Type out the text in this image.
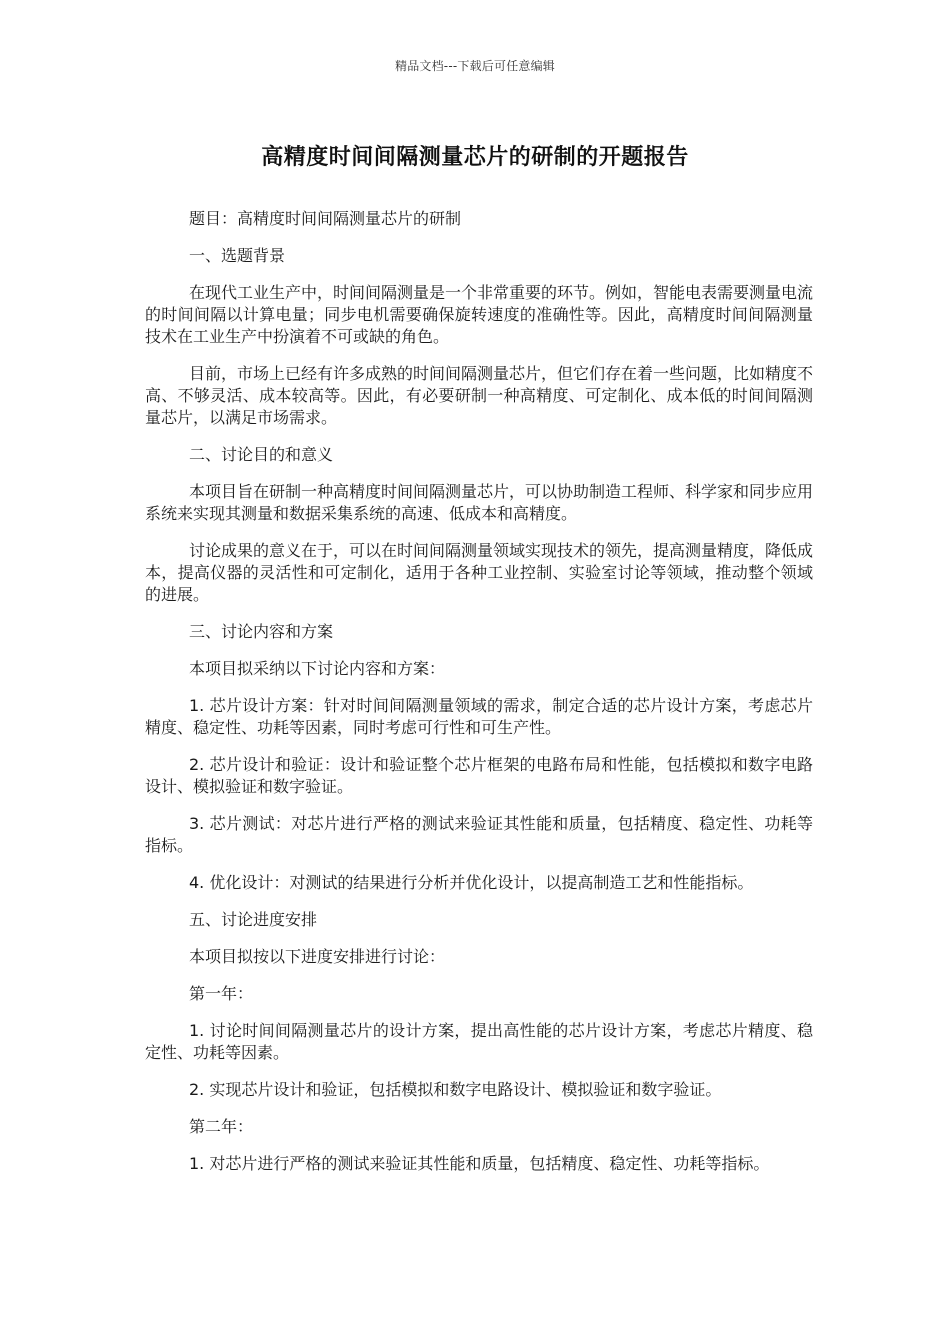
精品文档---下载后可任意编辑
高精度时间间隔测量芯片的研制的开题报告

题目：高精度时间间隔测量芯片的研制

一、选题背景

在现代工业生产中，时间间隔测量是一个非常重要的环节。例如，智能电表需要测量电流的时间间隔以计算电量；同步电机需要确保旋转速度的准确性等。因此，高精度时间间隔测量技术在工业生产中扮演着不可或缺的角色。

目前，市场上已经有许多成熟的时间间隔测量芯片，但它们存在着一些问题，比如精度不高、不够灵活、成本较高等。因此，有必要研制一种高精度、可定制化、成本低的时间间隔测量芯片，以满足市场需求。

二、讨论目的和意义

本项目旨在研制一种高精度时间间隔测量芯片，可以协助制造工程师、科学家和同步应用系统来实现其测量和数据采集系统的高速、低成本和高精度。

讨论成果的意义在于，可以在时间间隔测量领域实现技术的领先，提高测量精度，降低成本，提高仪器的灵活性和可定制化，适用于各种工业控制、实验室讨论等领域，推动整个领域的进展。

三、讨论内容和方案

本项目拟采纳以下讨论内容和方案：

1. 芯片设计方案：针对时间间隔测量领域的需求，制定合适的芯片设计方案，考虑芯片精度、稳定性、功耗等因素，同时考虑可行性和可生产性。

2. 芯片设计和验证：设计和验证整个芯片框架的电路布局和性能，包括模拟和数字电路设计、模拟验证和数字验证。

3. 芯片测试：对芯片进行严格的测试来验证其性能和质量，包括精度、稳定性、功耗等指标。

4. 优化设计：对测试的结果进行分析并优化设计，以提高制造工艺和性能指标。

五、讨论进度安排

本项目拟按以下进度安排进行讨论：

第一年：

1. 讨论时间间隔测量芯片的设计方案，提出高性能的芯片设计方案，考虑芯片精度、稳定性、功耗等因素。

2. 实现芯片设计和验证，包括模拟和数字电路设计、模拟验证和数字验证。

第二年：

1. 对芯片进行严格的测试来验证其性能和质量，包括精度、稳定性、功耗等指标。
